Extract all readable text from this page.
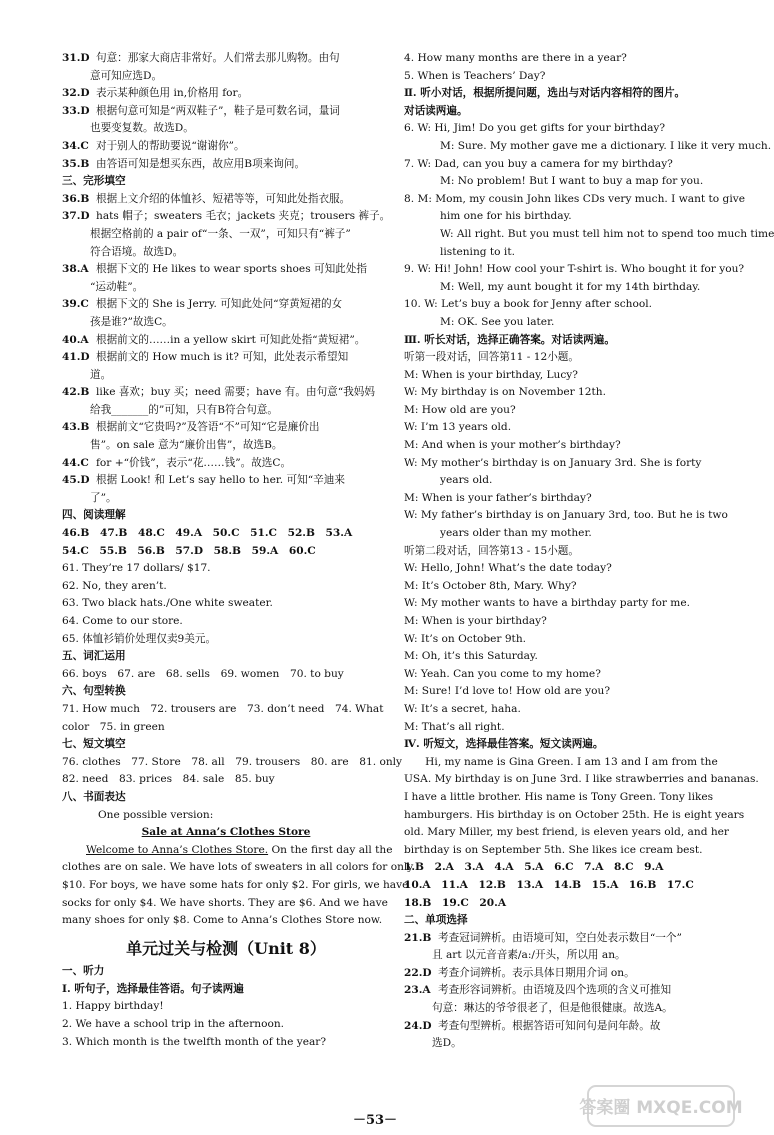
31.D 句意：那家大商店非常好。人们常去那儿购物。由句
意可知应选D。
32.D 表示某种颜色用 in,价格用 for。
33.D 根据句意可知是“两双鞋子”，鞋子是可数名词，量词
也要变复数。故选D。
34.C 对于别人的帮助要说“谢谢你”。
35.B 由答语可知是想买东西，故应用B项来询问。
三、完形填空
36.B 根据上文介绍的体恤衫、短裙等等，可知此处指衣服。
37.D hats 帽子；sweaters 毛衣；jackets 夹克；trousers 裤子。
根据空格前的 a pair of“一条、一双”，可知只有“裤子”
符合语境。故选D。
38.A 根据下文的 He likes to wear sports shoes 可知此处指
“运动鞋”。
39.C 根据下文的 She is Jerry. 可知此处问“穿黄短裙的女
孩是谁?”故选C。
40.A 根据前文的……in a yellow skirt 可知此处指“黄短裙”。
41.D 根据前文的 How much is it? 可知，此处表示希望知
道。
42.B like 喜欢；buy 买；need 需要；have 有。由句意“我妈妈
给我_______的”可知，只有B符合句意。
43.B 根据前文“它贵吗?”及答语“不”可知“它是廉价出
售”。on sale 意为“廉价出售”，故选B。
44.C for +“价钱”，表示“花……钱”。故选C。
45.D 根据 Look! 和 Let’s say hello to her. 可知“辛迪来
了”。
四、阅读理解
46.B　47.B　48.C　49.A　50.C　51.C　52.B　53.A
54.C　55.B　56.B　57.D　58.B　59.A　60.C
61. They’re 17 dollars/ $17.
62. No, they aren’t.
63. Two black hats./One white sweater.
64. Come to our store.
65. 体恤衫销价处理仅卖9美元。
五、词汇运用
66. boys　67. are　68. sells　69. women　70. to buy
六、句型转换
71. How much　72. trousers are　73. don’t need　74. What
color　75. in green
七、短文填空
76. clothes　77. Store　78. all　79. trousers　80. are　81. only
82. need　83. prices　84. sale　85. buy
八、书面表达
One possible version:
Sale at Anna’s Clothes Store
Welcome to Anna’s Clothes Store. On the first day all the
clothes are on sale. We have lots of sweaters in all colors for only
$10. For boys, we have some hats for only $2. For girls, we have
socks for only $4. We have shorts. They are $6. And we have
many shoes for only $8. Come to Anna’s Clothes Store now.
单元过关与检测（Unit 8）
一、听力
Ⅰ. 听句子，选择最佳答语。句子读两遍
1. Happy birthday!
2. We have a school trip in the afternoon.
3. Which month is the twelfth month of the year?
4. How many months are there in a year?
5. When is Teachers’ Day?
Ⅱ. 听小对话，根据所提问题，选出与对话内容相符的图片。
对话读两遍。
6. W: Hi, Jim! Do you get gifts for your birthday?
M: Sure. My mother gave me a dictionary. I like it very much.
7. W: Dad, can you buy a camera for my birthday?
M: No problem! But I want to buy a map for you.
8. M: Mom, my cousin John likes CDs very much. I want to give
him one for his birthday.
W: All right. But you must tell him not to spend too much time
listening to it.
9. W: Hi! John! How cool your T-shirt is. Who bought it for you?
M: Well, my aunt bought it for my 14th birthday.
10. W: Let’s buy a book for Jenny after school.
M: OK. See you later.
Ⅲ. 听长对话，选择正确答案。对话读两遍。
听第一段对话，回答第11 - 12小题。
M: When is your birthday, Lucy?
W: My birthday is on November 12th.
M: How old are you?
W: I’m 13 years old.
M: And when is your mother’s birthday?
W: My mother’s birthday is on January 3rd. She is forty
years old.
M: When is your father’s birthday?
W: My father’s birthday is on January 3rd, too. But he is two
years older than my mother.
听第二段对话，回答第13 - 15小题。
W: Hello, John! What’s the date today?
M: It’s October 8th, Mary. Why?
W: My mother wants to have a birthday party for me.
M: When is your birthday?
W: It’s on October 9th.
M: Oh, it’s this Saturday.
W: Yeah. Can you come to my home?
M: Sure! I’d love to! How old are you?
W: It’s a secret, haha.
M: That’s all right.
Ⅳ. 听短文，选择最佳答案。短文读两遍。
　　Hi, my name is Gina Green. I am 13 and I am from the
USA. My birthday is on June 3rd. I like strawberries and bananas.
I have a little brother. His name is Tony Green. Tony likes
hamburgers. His birthday is on October 25th. He is eight years
old. Mary Miller, my best friend, is eleven years old, and her
birthday is on September 5th. She likes ice cream best.
1.B　2.A　3.A　4.A　5.A　6.C　7.A　8.C　9.A
10.A　11.A　12.B　13.A　14.B　15.A　16.B　17.C
18.B　19.C　20.A
二、单项选择
21.B 考查冠词辨析。由语境可知，空白处表示数目“一个”
且 art 以元音音素/a:/开头，所以用 an。
22.D 考查介词辨析。表示具体日期用介词 on。
23.A 考查形容词辨析。由语境及四个选项的含义可推知
句意：琳达的爷爷很老了，但是他很健康。故选A。
24.D 考查句型辨析。根据答语可知问句是问年龄。故
选D。
－53－
答案圈 MXQE.COM
